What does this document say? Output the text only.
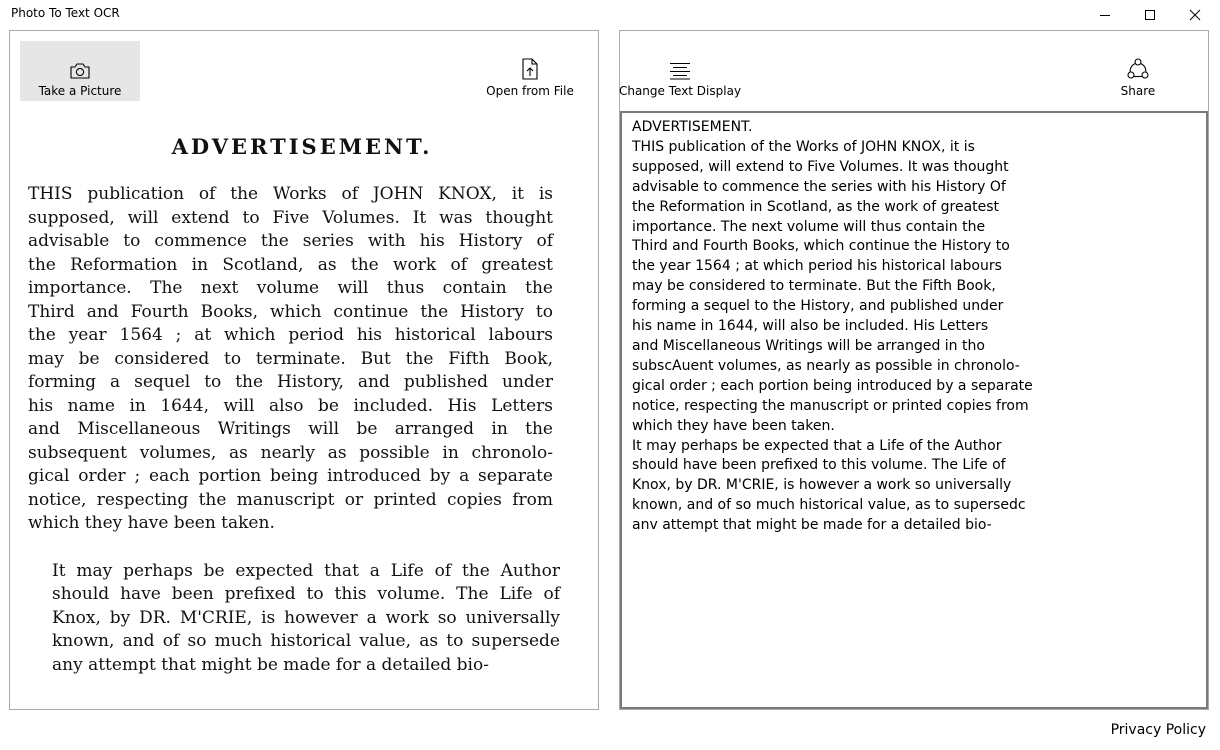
Photo To Text OCR
Take a Picture	Open from File
ADVERTISEMENT.
THIS publication of the Works of JOHN KNOX, it is
supposed, will extend to Five Volumes. It was thought
advisable to commence the series with his History of
the Reformation in Scotland, as the work of greatest
importance. The next volume will thus contain the
Third and Fourth Books, which continue the History to
the year 1564 ; at which period his historical labours
may be considered to terminate. But the Fifth Book,
forming a sequel to the History, and published under
his name in 1644, will also be included. His Letters
and Miscellaneous Writings will be arranged in the
subsequent volumes, as nearly as possible in chronolo-
gical order ; each portion being introduced by a separate
notice, respecting the manuscript or printed copies from
which they have been taken.
It may perhaps be expected that a Life of the Author
should have been prefixed to this volume. The Life of
Knox, by DR. M'CRIE, is however a work so universally
known, and of so much historical value, as to supersede
any attempt that might be made for a detailed bio-
Change Text Display	Share
ADVERTISEMENT.
THIS publication of the Works of JOHN KNOX, it is
supposed, will extend to Five Volumes. It was thought
advisable to commence the series with his History Of
the Reformation in Scotland, as the work of greatest
importance. The next volume will thus contain the
Third and Fourth Books, which continue the History to
the year 1564 ; at which period his historical labours
may be considered to terminate. But the Fifth Book,
forming a sequel to the History, and published under
his name in 1644, will also be included. His Letters
and Miscellaneous Writings will be arranged in tho
subscAuent volumes, as nearly as possible in chronolo-
gical order ; each portion being introduced by a separate
notice, respecting the manuscript or printed copies from
which they have been taken.
It may perhaps be expected that a Life of the Author
should have been prefixed to this volume. The Life of
Knox, by DR. M'CRIE, is however a work so universally
known, and of so much historical value, as to supersedc
anv attempt that might be made for a detailed bio-
Privacy Policy
